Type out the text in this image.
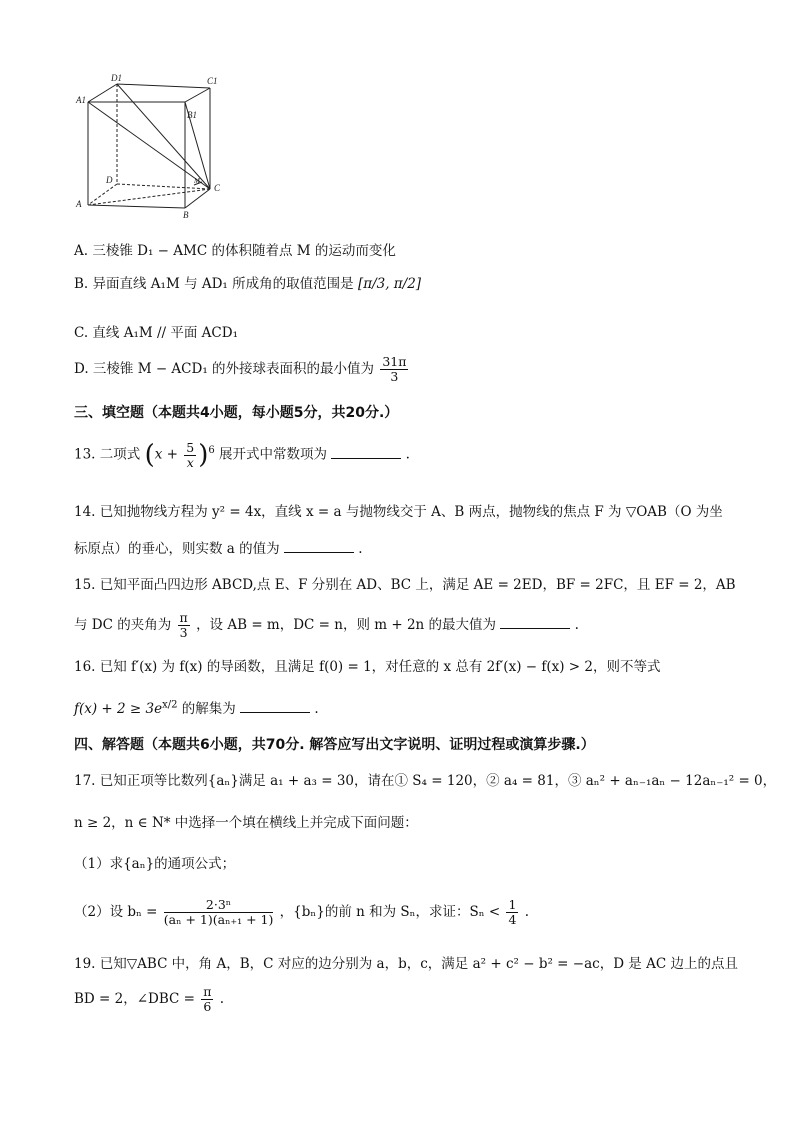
D1	C1
A1
B1
D
C
A
B
M
A. 三棱锥 D₁ − AMC 的体积随着点 M 的运动而变化
B. 异面直线 A₁M 与 AD₁ 所成角的取值范围是 [π/3, π/2]
C. 直线 A₁M // 平面 ACD₁
D. 三棱锥 M − ACD₁ 的外接球表面积的最小值为 $\frac{31\pi}{3}$
三、填空题（本题共4小题，每小题5分，共20分.）
13. 二项式 $(x + \frac{5}{x} )^6$ 展开式中常数项为	.
14. 已知抛物线方程为 y² = 4x，直线 x = a 与抛物线交于 A、B 两点，抛物线的焦点 F 为 ▽OAB（O 为坐
标原点）的垂心，则实数 a 的值为	.
15. 已知平面凸四边形 ABCD,点 E、F 分别在 AD、BC 上，满足 AE = 2ED，BF = 2FC，且 EF = 2，AB
与 DC 的夹角为 $\frac{\pi}{3}$ ，设 AB = m，DC = n，则 m + 2n 的最大值为	.
16. 已知 f′(x) 为 f(x) 的导函数，且满足 f(0) = 1，对任意的 x 总有 2f′(x) − f(x) > 2，则不等式
$f(x) + 2 \ge 3e^{x/2}$ 的解集为	.
四、解答题（本题共6小题，共70分. 解答应写出文字说明、证明过程或演算步骤.）
17. 已知正项等比数列{aₙ}满足 a₁ + a₃ = 30，请在① S₄ = 120，② a₄ = 81，③ aₙ² + aₙ₋₁aₙ − 12aₙ₋₁² = 0，
n ≥ 2，n ∈ N* 中选择一个填在横线上并完成下面问题：
（1）求{aₙ}的通项公式；
（2）设 $b_n = \frac{\text{2·3ⁿ}}{\text{(aₙ + 1)(aₙ₊₁ + 1)}}$ ，{bₙ}的前 n 和为 Sₙ，求证：$S_n < \frac{1}{4}$ .
19. 已知▽ABC 中，角 A，B，C 对应的边分别为 a，b，c，满足 a² + c² − b² = −ac，D 是 AC 边上的点且
BD = 2，∠DBC = $\frac{\pi}{6}$ .
